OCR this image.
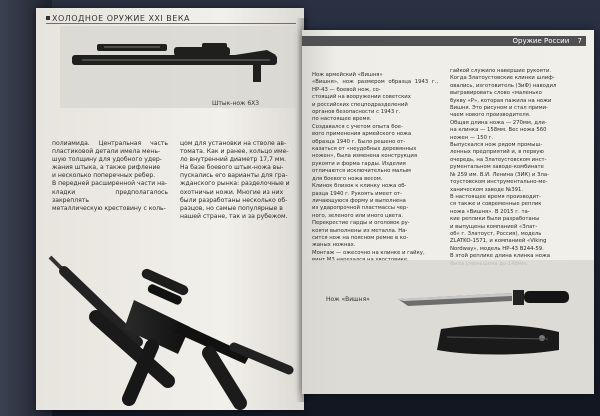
ХОЛОДНОЕ ОРУЖИЕ XXI ВЕКА
Штык-нож 6Х3
полиамида. Центральная часть пластиковой детали имела мень-
шую толщину для удобного удер-
жания штыка, а также рифление
и несколько поперечных ребер.
В передней расширенной части на-
кладки предполагалось закреплять
металлическую крестовину с коль-
цом для установки на стволе ав-
томата. Как и ранее, кольцо име-
ло внутренний диаметр 17,7 мм.
На базе боевого штык-ножа вы-
пускались его варианты для гра-
жданского рынка: разделочные и
охотничьи ножи. Многие из них
были разработаны несколько об-
разцов, но самые популярные в
нашей стране, так и за рубежом.
Оружие России 7
Нож армейский «Вишня»
«Вишня», нож размером образца 1943 г., НР-43 — боевой нож, со-
стоящий на вооружении советских
и российских спецподразделений
органов безопасности с 1943 г.
по настоящее время.
Создавался с учетом опыта бое-
вого применения армейского ножа
образца 1940 г. Было решено от-
казаться от «неудобных деревянных
ножен», была изменена конструкция
рукояти и форма гарды. Изделия
отличаются исключительно малым
для боевого ножа весом.
Клинок близок к клинку ножа об-
разца 1940 г. Рукоять имеет от-
личающуюся форму и выполнена
из ударопрочной пластмассы чер-
ного, зеленого или иного цвета.
Перекрестие гарды и оголовок ру-
кояти выполнены из металла. На-
сится нож на поясном ремне в ко-
жаных ножнах.
Монтаж — ожесочно на клинке и гайку,

гайкой служило навершие рукояти.
Когда Златоустовские клинки шлиф-
овались, изготовитель (ЗиФ) наводил
выгравировать слово «маленько
букву «Р», которая пажила на ножи
Вишня. Это рисуном и стал прими-
чаем нового производителя.
Общая длина ножа — 270мм, дли-
на клинка — 158мм. Вес ножа 560
ножен — 150 г.
Выпускался нож рядом промыш-
ленных предприятий и, в первую
очередь, на Златоустовском инст-
рументальном заводе-комбинате
№ 259 им. В.И. Ленина (ЗИК) и Зла-
тоустовском инструментально-ме-
ханическом заводе №391.
В настоящее время производит-
ся также и современные реплик
ножа «Вишня». В 2015 г. та-
кие реплики были разработаны
и выпущены компанией «Злат-
об» г. Златоуст, Россия), модель
ZLATKO-1571, и компанией «Viking
Nordway», модель НР-43 B244-59.
В этой реплике длина клинка ножа

Нож «Вишня»
